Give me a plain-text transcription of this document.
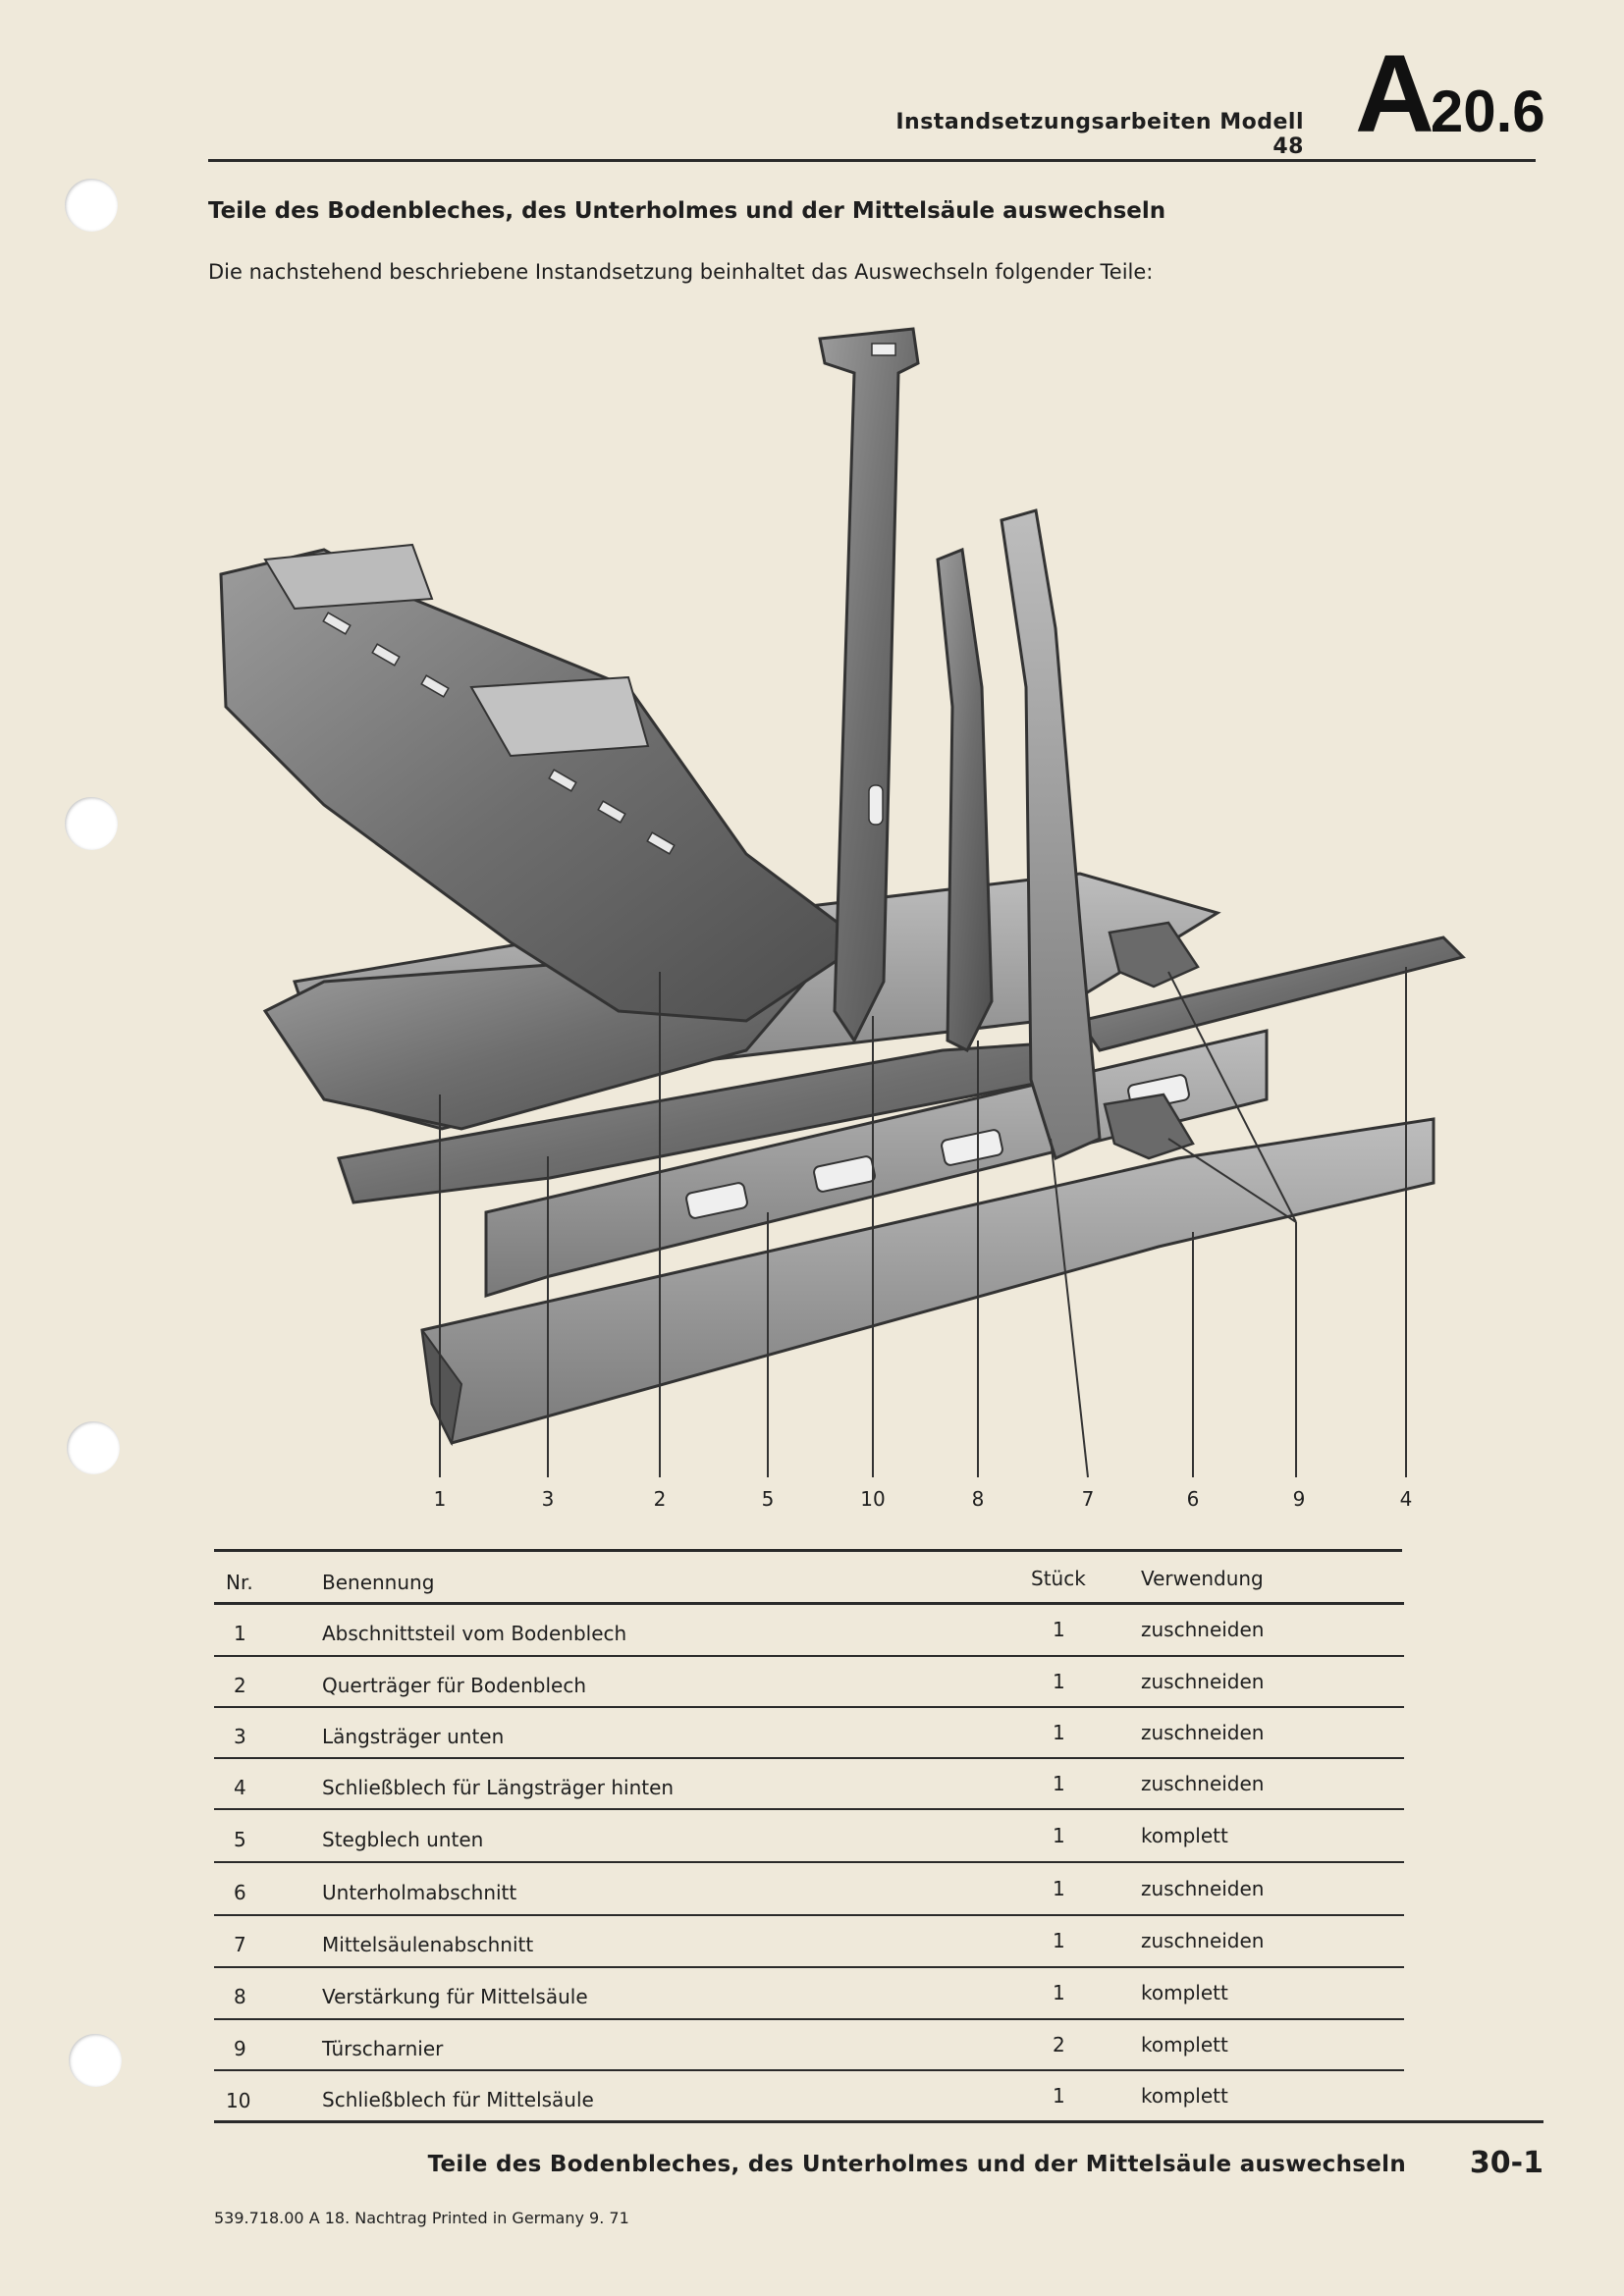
Instandsetzungsarbeiten Modell 48 A20.6
Teile des Bodenbleches, des Unterholmes und der Mittelsäule auswechseln
Die nachstehend beschriebene Instandsetzung beinhaltet das Auswechseln folgender Teile:
1	3	2	5	10	8	7	6	9	4
Nr.	Benennung	Stück	Verwendung
1	Abschnittsteil vom Bodenblech	1	zuschneiden
2	Querträger für Bodenblech	1	zuschneiden
3	Längsträger unten	1	zuschneiden
4	Schließblech für Längsträger hinten	1	zuschneiden
5	Stegblech unten	1	komplett
6	Unterholmabschnitt	1	zuschneiden
7	Mittelsäulenabschnitt	1	zuschneiden
8	Verstärkung für Mittelsäule	1	komplett
9	Türscharnier	2	komplett
10	Schließblech für Mittelsäule	1	komplett
Teile des Bodenbleches, des Unterholmes und der Mittelsäule auswechseln	30-1
539.718.00 A 18. Nachtrag Printed in Germany 9. 71
